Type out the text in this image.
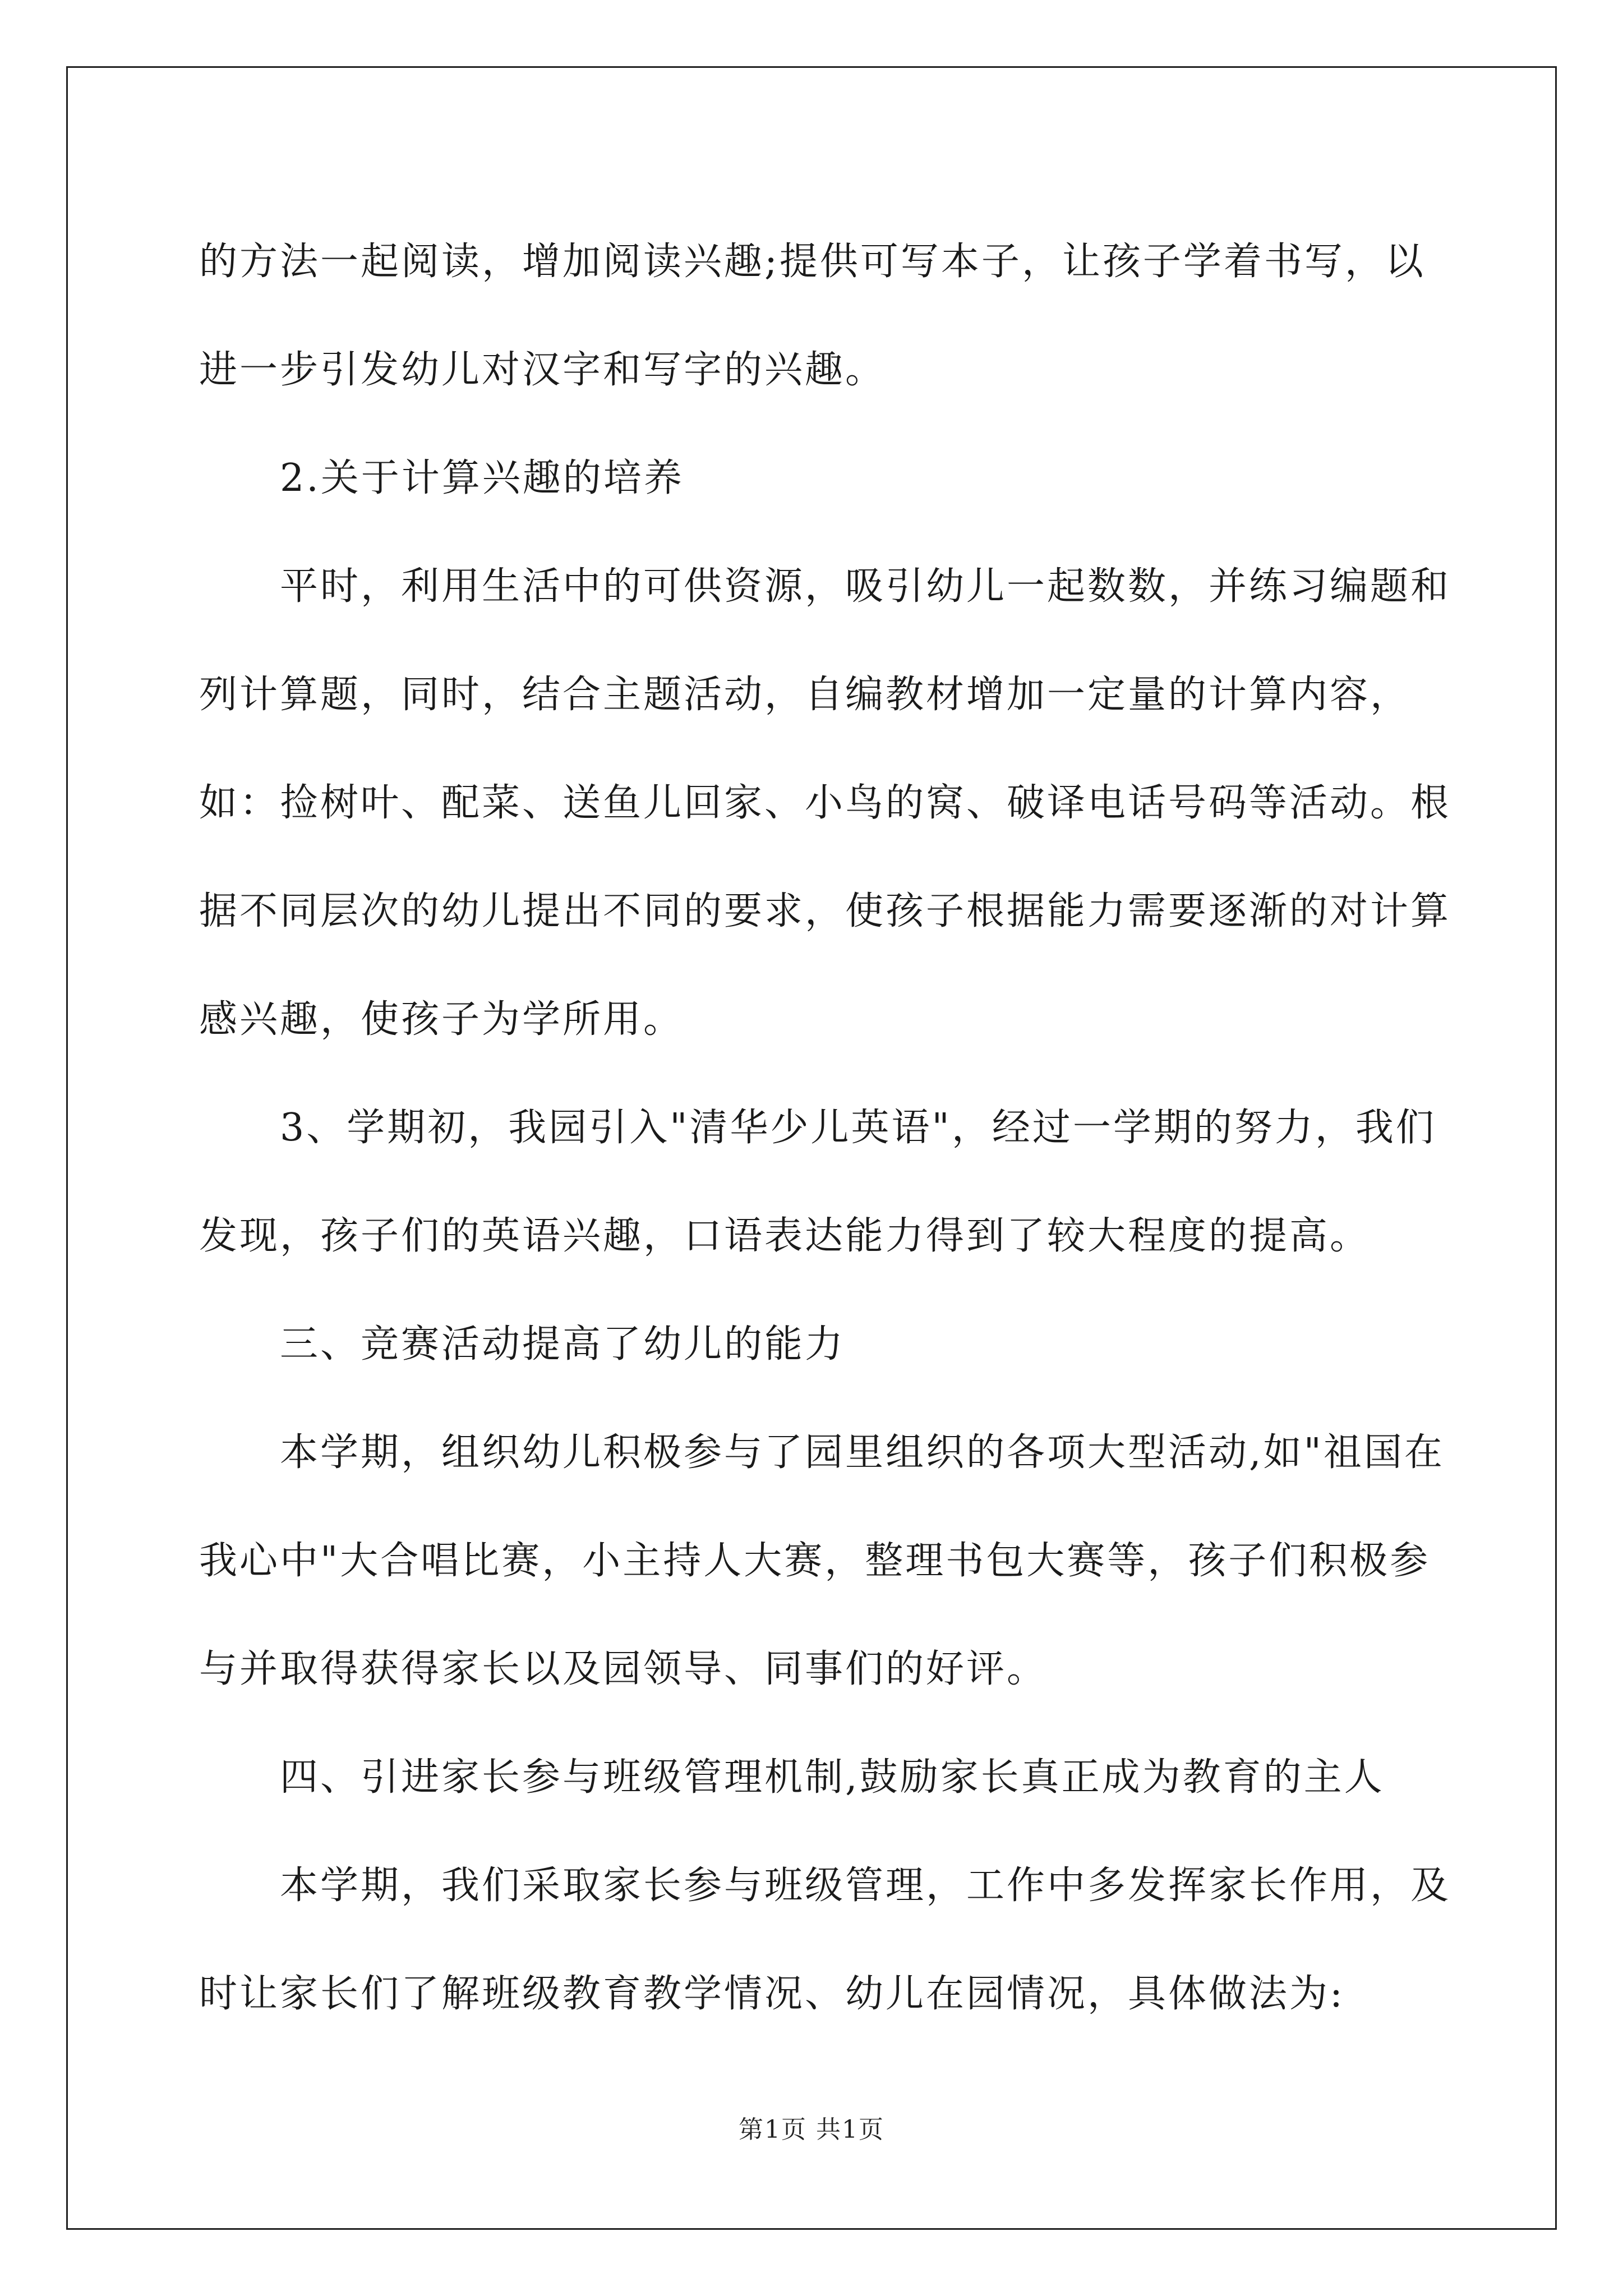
的方法一起阅读，增加阅读兴趣;提供可写本子，让孩子学着书写，以进一步引发幼儿对汉字和写字的兴趣。

2.关于计算兴趣的培养

平时，利用生活中的可供资源，吸引幼儿一起数数，并练习编题和列计算题，同时，结合主题活动，自编教材增加一定量的计算内容，如：捡树叶、配菜、送鱼儿回家、小鸟的窝、破译电话号码等活动。根据不同层次的幼儿提出不同的要求，使孩子根据能力需要逐渐的对计算感兴趣，使孩子为学所用。

3、学期初，我园引入"清华少儿英语"，经过一学期的努力，我们发现，孩子们的英语兴趣，口语表达能力得到了较大程度的提高。

三、竞赛活动提高了幼儿的能力

本学期，组织幼儿积极参与了园里组织的各项大型活动,如"祖国在我心中"大合唱比赛，小主持人大赛，整理书包大赛等，孩子们积极参与并取得获得家长以及园领导、同事们的好评。

四、引进家长参与班级管理机制,鼓励家长真正成为教育的主人

本学期，我们采取家长参与班级管理，工作中多发挥家长作用，及时让家长们了解班级教育教学情况、幼儿在园情况，具体做法为:

第1页 共1页
